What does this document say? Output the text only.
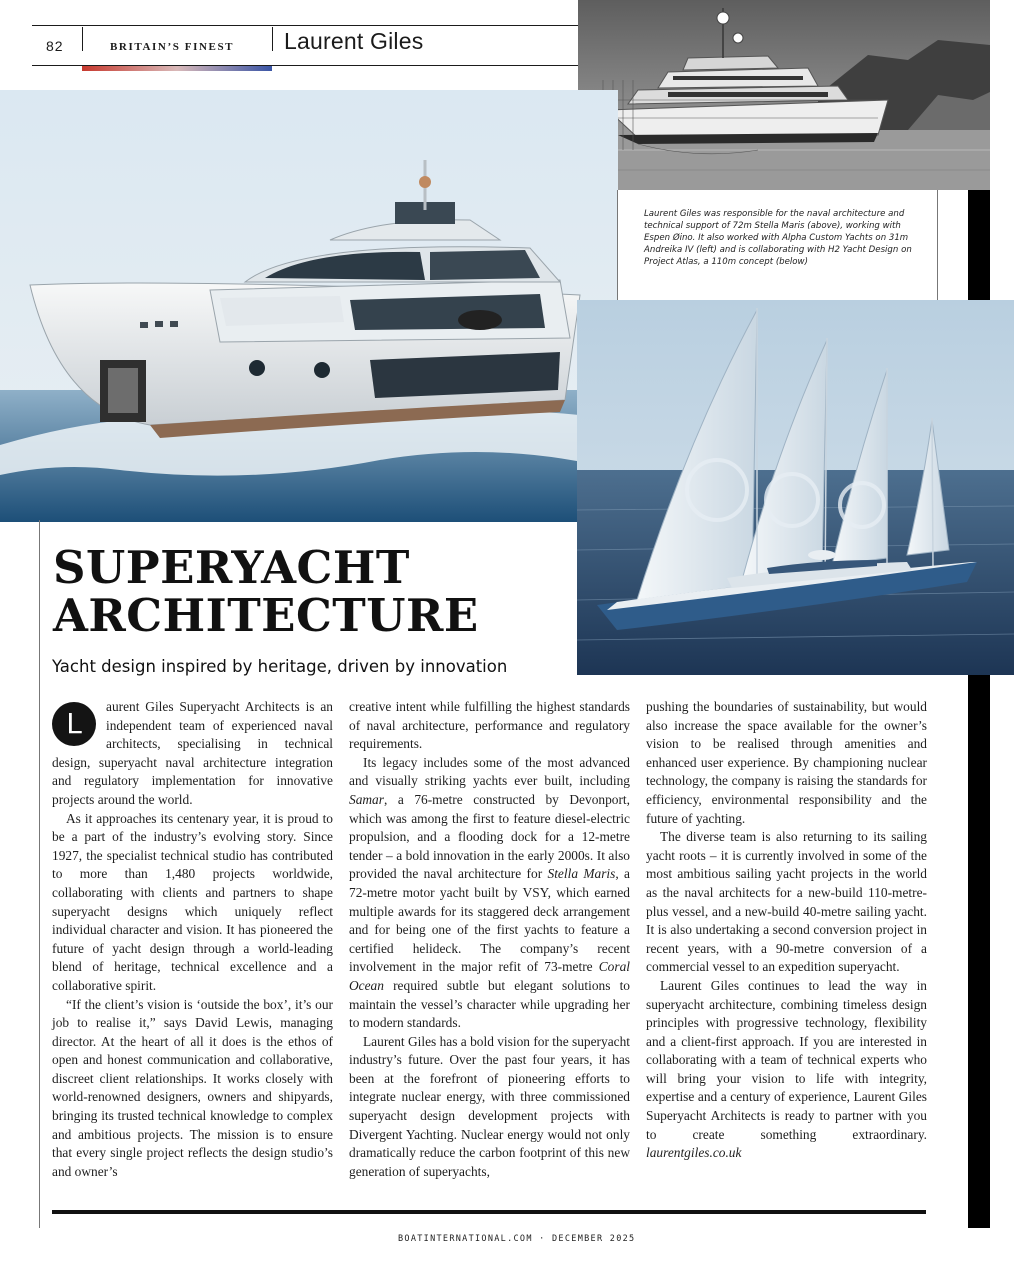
82	BRITAIN’S FINEST Laurent Giles
Laurent Giles was responsible for the naval architecture and technical support of 72m Stella Maris (above), working with Espen Øino. It also worked with Alpha Custom Yachts on 31m Andreika IV (left) and is collaborating with H2 Yacht Design on Project Atlas, a 110m concept (below)
SUPERYACHT
ARCHITECTURE
Yacht design inspired by heritage, driven by innovation

L
aurent Giles Superyacht Architects is an independent team of experienced naval architects, specialising in technical design, superyacht naval architecture integration and regulatory implementation for innovative projects around the world.

As it approaches its centenary year, it is proud to be a part of the industry’s evolving story. Since 1927, the specialist technical studio has contributed to more than 1,480 projects worldwide, collaborating with clients and partners to shape superyacht designs which uniquely reflect individual character and vision. It has pioneered the future of yacht design through a world-leading blend of heritage, technical excellence and a collaborative spirit.

“If the client’s vision is ‘outside the box’, it’s our job to realise it,” says David Lewis, managing director. At the heart of all it does is the ethos of open and honest communication and collaborative, discreet client relationships. It works closely with world-renowned designers, owners and shipyards, bringing its trusted technical knowledge to complex and ambitious projects. The mission is to ensure that every single project reflects the design studio’s and owner’s

creative intent while fulfilling the highest standards of naval architecture, performance and regulatory requirements.

Its legacy includes some of the most advanced and visually striking yachts ever built, including Samar, a 76-metre constructed by Devonport, which was among the first to feature diesel-electric propulsion, and a flooding dock for a 12-metre tender – a bold innovation in the early 2000s. It also provided the naval architecture for Stella Maris, a 72-metre motor yacht built by VSY, which earned multiple awards for its staggered deck arrangement and for being one of the first yachts to feature a certified helideck. The company’s recent involvement in the major refit of 73-metre Coral Ocean required subtle but elegant solutions to maintain the vessel’s character while upgrading her to modern standards.

Laurent Giles has a bold vision for the superyacht industry’s future. Over the past four years, it has been at the forefront of pioneering efforts to integrate nuclear energy, with three commissioned superyacht design development projects with Divergent Yachting. Nuclear energy would not only dramatically reduce the carbon footprint of this new generation of superyachts,

pushing the boundaries of sustainability, but would also increase the space available for the owner’s vision to be realised through amenities and enhanced user experience. By championing nuclear technology, the company is raising the standards for efficiency, environmental responsibility and the future of yachting.

The diverse team is also returning to its sailing yacht roots – it is currently involved in some of the most ambitious sailing yacht projects in the world as the naval architects for a new-build 110-metre-plus vessel, and a new-build 40-metre sailing yacht. It is also undertaking a second conversion project in recent years, with a 90-metre conversion of a commercial vessel to an expedition superyacht.

Laurent Giles continues to lead the way in superyacht architecture, combining timeless design principles with progressive technology, flexibility and a client-first approach. If you are interested in collaborating with a team of technical experts who will bring your vision to life with integrity, expertise and a century of experience, Laurent Giles Superyacht Architects is ready to partner with you to create something extraordinary. laurentgiles.co.uk

BOATINTERNATIONAL.COM · DECEMBER 2025
